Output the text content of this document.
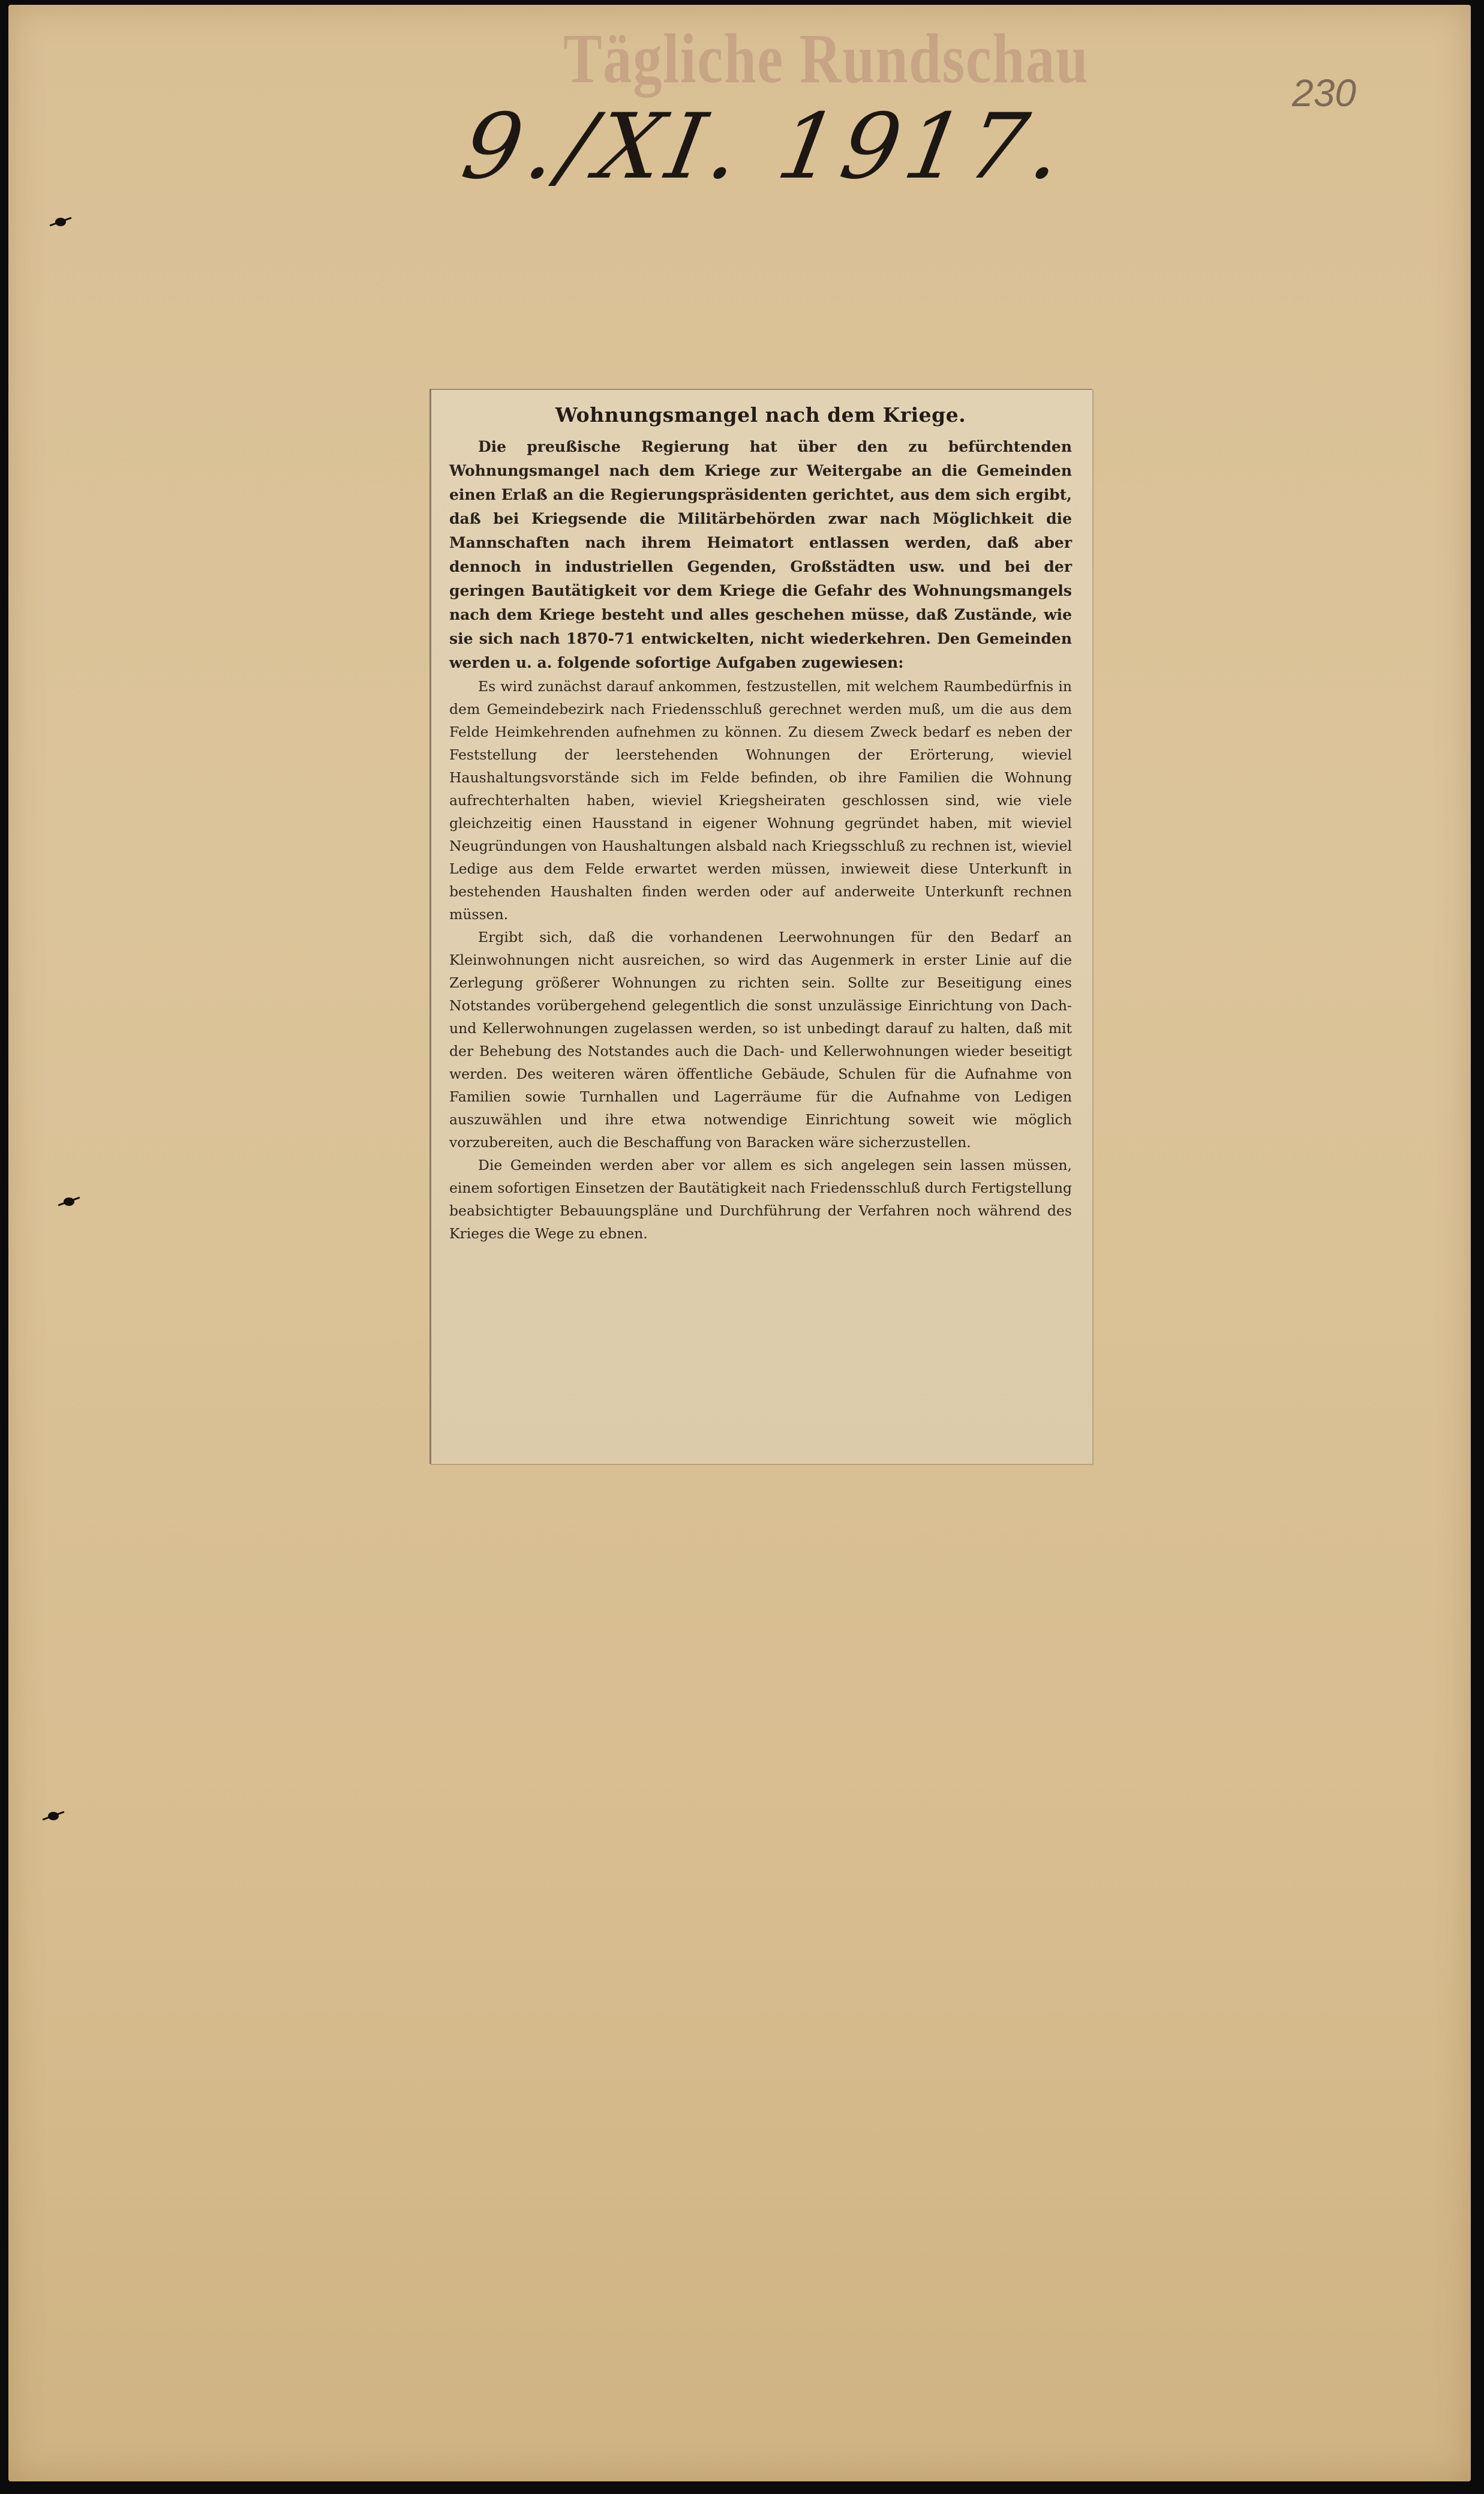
Tägliche Rundschau	230
9./XI. 1917.
Wohnungsmangel nach dem Kriege.

Die preußische Regierung hat über den zu befürchtenden Wohnungsmangel nach dem Kriege zur Weitergabe an die Gemeinden einen Erlaß an die Regierungspräsidenten gerichtet, aus dem sich ergibt, daß bei Kriegsende die Militärbehörden zwar nach Möglichkeit die Mannschaften nach ihrem Heimatort entlassen werden, daß aber dennoch in industriellen Gegenden, Großstädten usw. und bei der geringen Bautätigkeit vor dem Kriege die Gefahr des Wohnungsmangels nach dem Kriege besteht und alles geschehen müsse, daß Zustände, wie sie sich nach 1870-71 entwickelten, nicht wiederkehren. Den Gemeinden werden u. a. folgende sofortige Aufgaben zugewiesen:

Es wird zunächst darauf ankommen, festzustellen, mit welchem Raumbedürfnis in dem Gemeindebezirk nach Friedensschluß gerechnet werden muß, um die aus dem Felde Heimkehrenden aufnehmen zu können. Zu diesem Zweck bedarf es neben der Feststellung der leerstehenden Wohnungen der Erörterung, wieviel Haushaltungsvorstände sich im Felde befinden, ob ihre Familien die Wohnung aufrechterhalten haben, wieviel Kriegsheiraten geschlossen sind, wie viele gleichzeitig einen Hausstand in eigener Wohnung gegründet haben, mit wieviel Neugründungen von Haushaltungen alsbald nach Kriegsschluß zu rechnen ist, wieviel Ledige aus dem Felde erwartet werden müssen, inwieweit diese Unterkunft in bestehenden Haushalten finden werden oder auf anderweite Unterkunft rechnen müssen.

Ergibt sich, daß die vorhandenen Leerwohnungen für den Bedarf an Kleinwohnungen nicht ausreichen, so wird das Augenmerk in erster Linie auf die Zerlegung größerer Wohnungen zu richten sein. Sollte zur Beseitigung eines Notstandes vorübergehend gelegentlich die sonst unzulässige Einrichtung von Dach- und Kellerwohnungen zugelassen werden, so ist unbedingt darauf zu halten, daß mit der Behebung des Notstandes auch die Dach- und Kellerwohnungen wieder beseitigt werden. Des weiteren wären öffentliche Gebäude, Schulen für die Aufnahme von Familien sowie Turnhallen und Lagerräume für die Aufnahme von Ledigen auszuwählen und ihre etwa notwendige Einrichtung soweit wie möglich vorzubereiten, auch die Beschaffung von Baracken wäre sicherzustellen.

Die Gemeinden werden aber vor allem es sich angelegen sein lassen müssen, einem sofortigen Einsetzen der Bautätigkeit nach Friedensschluß durch Fertigstellung beabsichtigter Bebauungspläne und Durchführung der Verfahren noch während des Krieges die Wege zu ebnen.
